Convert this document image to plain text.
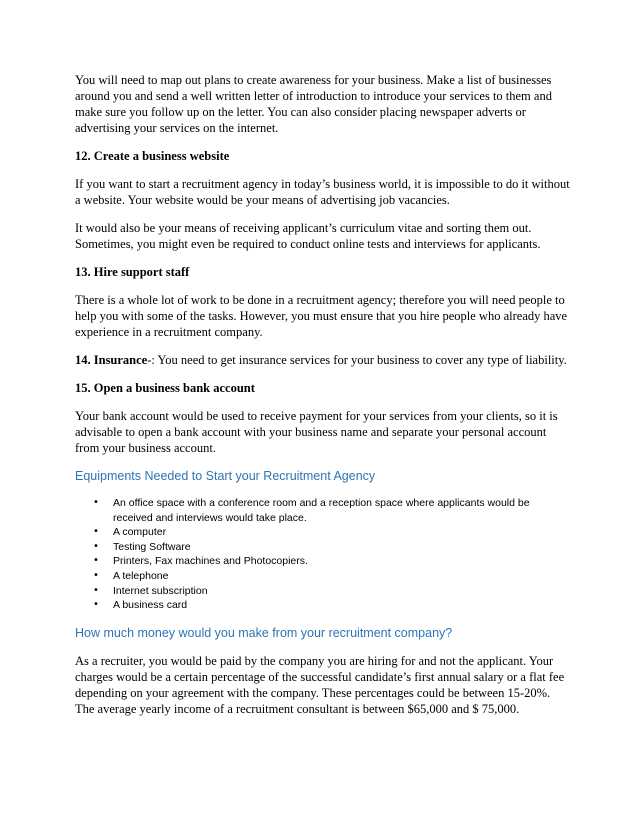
You will need to map out plans to create awareness for your business. Make a list of businesses around you and send a well written letter of introduction to introduce your services to them and make sure you follow up on the letter. You can also consider placing newspaper adverts or advertising your services on the internet.

12. Create a business website

If you want to start a recruitment agency in today’s business world, it is impossible to do it without a website. Your website would be your means of advertising job vacancies.

It would also be your means of receiving applicant’s curriculum vitae and sorting them out. Sometimes, you might even be required to conduct online tests and interviews for applicants.

13. Hire support staff

There is a whole lot of work to be done in a recruitment agency; therefore you will need people to help you with some of the tasks. However, you must ensure that you hire people who already have experience in a recruitment company.

14. Insurance-: You need to get insurance services for your business to cover any type of liability.

15. Open a business bank account

Your bank account would be used to receive payment for your services from your clients, so it is advisable to open a bank account with your business name and separate your personal account from your business account.

Equipments Needed to Start your Recruitment Agency
• An office space with a conference room and a reception space where applicants would be received and interviews would take place.
• A computer
• Testing Software
• Printers, Fax machines and Photocopiers.
• A telephone
• Internet subscription
• A business card
How much money would you make from your recruitment company?

As a recruiter, you would be paid by the company you are hiring for and not the applicant. Your charges would be a certain percentage of the successful candidate’s first annual salary or a flat fee depending on your agreement with the company. These percentages could be between 15-20%. The average yearly income of a recruitment consultant is between $65,000 and $ 75,000.
